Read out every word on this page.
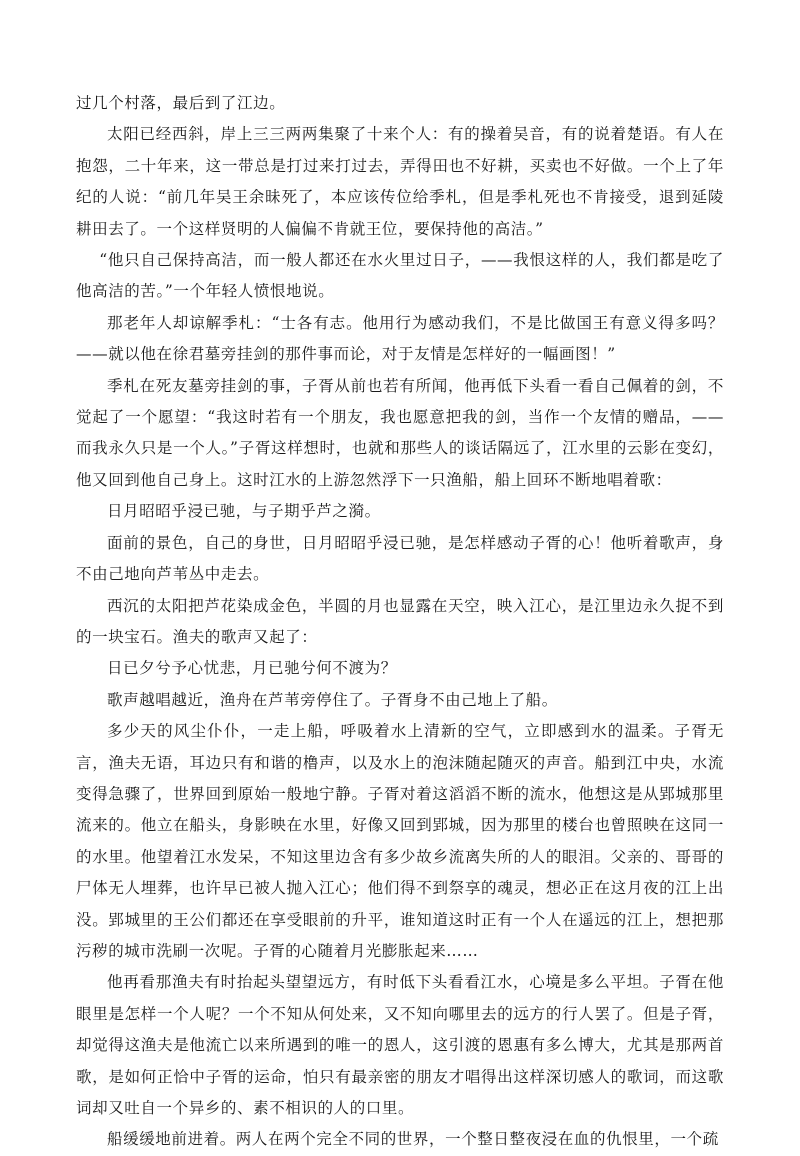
过几个村落，最后到了江边。

太阳已经西斜，岸上三三两两集聚了十来个人：有的操着吴音，有的说着楚语。有人在抱怨，二十年来，这一带总是打过来打过去，弄得田也不好耕，买卖也不好做。一个上了年纪的人说：“前几年吴王余昧死了，本应该传位给季札，但是季札死也不肯接受，退到延陵耕田去了。一个这样贤明的人偏偏不肯就王位，要保持他的高洁。”

“他只自己保持高洁，而一般人都还在水火里过日子，——我恨这样的人，我们都是吃了他高洁的苦。”一个年轻人愤恨地说。

那老年人却谅解季札：“士各有志。他用行为感动我们，不是比做国王有意义得多吗？——就以他在徐君墓旁挂剑的那件事而论，对于友情是怎样好的一幅画图！”

季札在死友墓旁挂剑的事，子胥从前也若有所闻，他再低下头看一看自己佩着的剑，不觉起了一个愿望：“我这时若有一个朋友，我也愿意把我的剑，当作一个友情的赠品，——而我永久只是一个人。”子胥这样想时，也就和那些人的谈话隔远了，江水里的云影在变幻，他又回到他自己身上。这时江水的上游忽然浮下一只渔船，船上回环不断地唱着歌：

日月昭昭乎浸已驰，与子期乎芦之漪。

面前的景色，自己的身世，日月昭昭乎浸已驰，是怎样感动子胥的心！他听着歌声，身不由己地向芦苇丛中走去。

西沉的太阳把芦花染成金色，半圆的月也显露在天空，映入江心，是江里边永久捉不到的一块宝石。渔夫的歌声又起了：

日已夕兮予心忧悲，月已驰兮何不渡为？

歌声越唱越近，渔舟在芦苇旁停住了。子胥身不由己地上了船。

多少天的风尘仆仆，一走上船，呼吸着水上清新的空气，立即感到水的温柔。子胥无言，渔夫无语，耳边只有和谐的橹声，以及水上的泡沫随起随灭的声音。船到江中央，水流变得急骤了，世界回到原始一般地宁静。子胥对着这滔滔不断的流水，他想这是从郢城那里流来的。他立在船头，身影映在水里，好像又回到郢城，因为那里的楼台也曾照映在这同一的水里。他望着江水发呆，不知这里边含有多少故乡流离失所的人的眼泪。父亲的、哥哥的尸体无人埋葬，也许早已被人抛入江心；他们得不到祭享的魂灵，想必正在这月夜的江上出没。郢城里的王公们都还在享受眼前的升平，谁知道这时正有一个人在遥远的江上，想把那污秽的城市洗刷一次呢。子胥的心随着月光膨胀起来……

他再看那渔夫有时抬起头望望远方，有时低下头看看江水，心境是多么平坦。子胥在他眼里是怎样一个人呢？一个不知从何处来，又不知向哪里去的远方的行人罢了。但是子胥，却觉得这渔夫是他流亡以来所遇到的唯一的恩人，这引渡的恩惠有多么博大，尤其是那两首歌，是如何正恰中子胥的运命，怕只有最亲密的朋友才唱得出这样深切感人的歌词，而这歌词却又吐自一个异乡的、素不相识的人的口里。

船缓缓地前进着。两人在两个完全不同的世界，一个整日整夜浸在血的仇恨里，一个疏
